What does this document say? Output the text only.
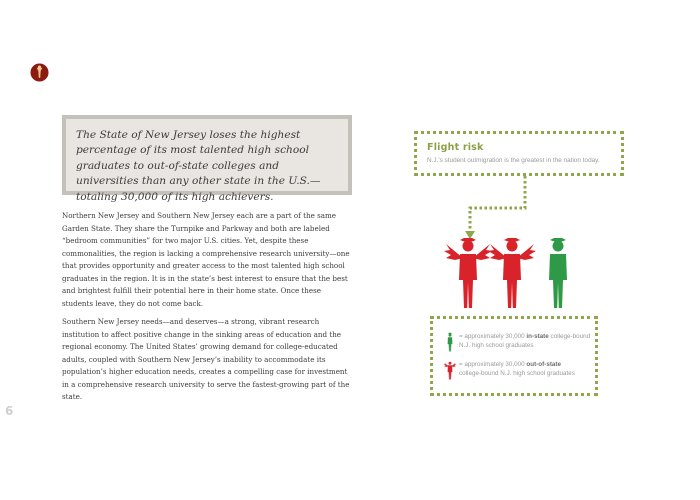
The State of New Jersey loses the highest percentage of its most talented high school graduates to out-of-state colleges and universities than any other state in the U.S.—totaling 30,000 of its high achievers.

Northern New Jersey and Southern New Jersey each are a part of the same Garden State. They share the Turnpike and Parkway and both are labeled “bedroom communities” for two major U.S. cities. Yet, despite these commonalities, the region is lacking a comprehensive research university—one that provides opportunity and greater access to the most talented high school graduates in the region. It is in the state’s best interest to ensure that the best and brightest fulfill their potential here in their home state. Once these students leave, they do not come back.

Southern New Jersey needs—and deserves—a strong, vibrant research institution to affect positive change in the sinking areas of education and the regional economy. The United States’ growing demand for college-educated adults, coupled with Southern New Jersey’s inability to accommodate its population’s higher education needs, creates a compelling case for investment in a comprehensive research university to serve the fastest-growing part of the state.

6
Flight risk
N.J.'s student outmigration is the greatest in the nation today.
= approximately 30,000 in-state college-bound
N.J. high school graduates
= approximately 30,000 out-of-state
college-bound N.J. high school graduates
